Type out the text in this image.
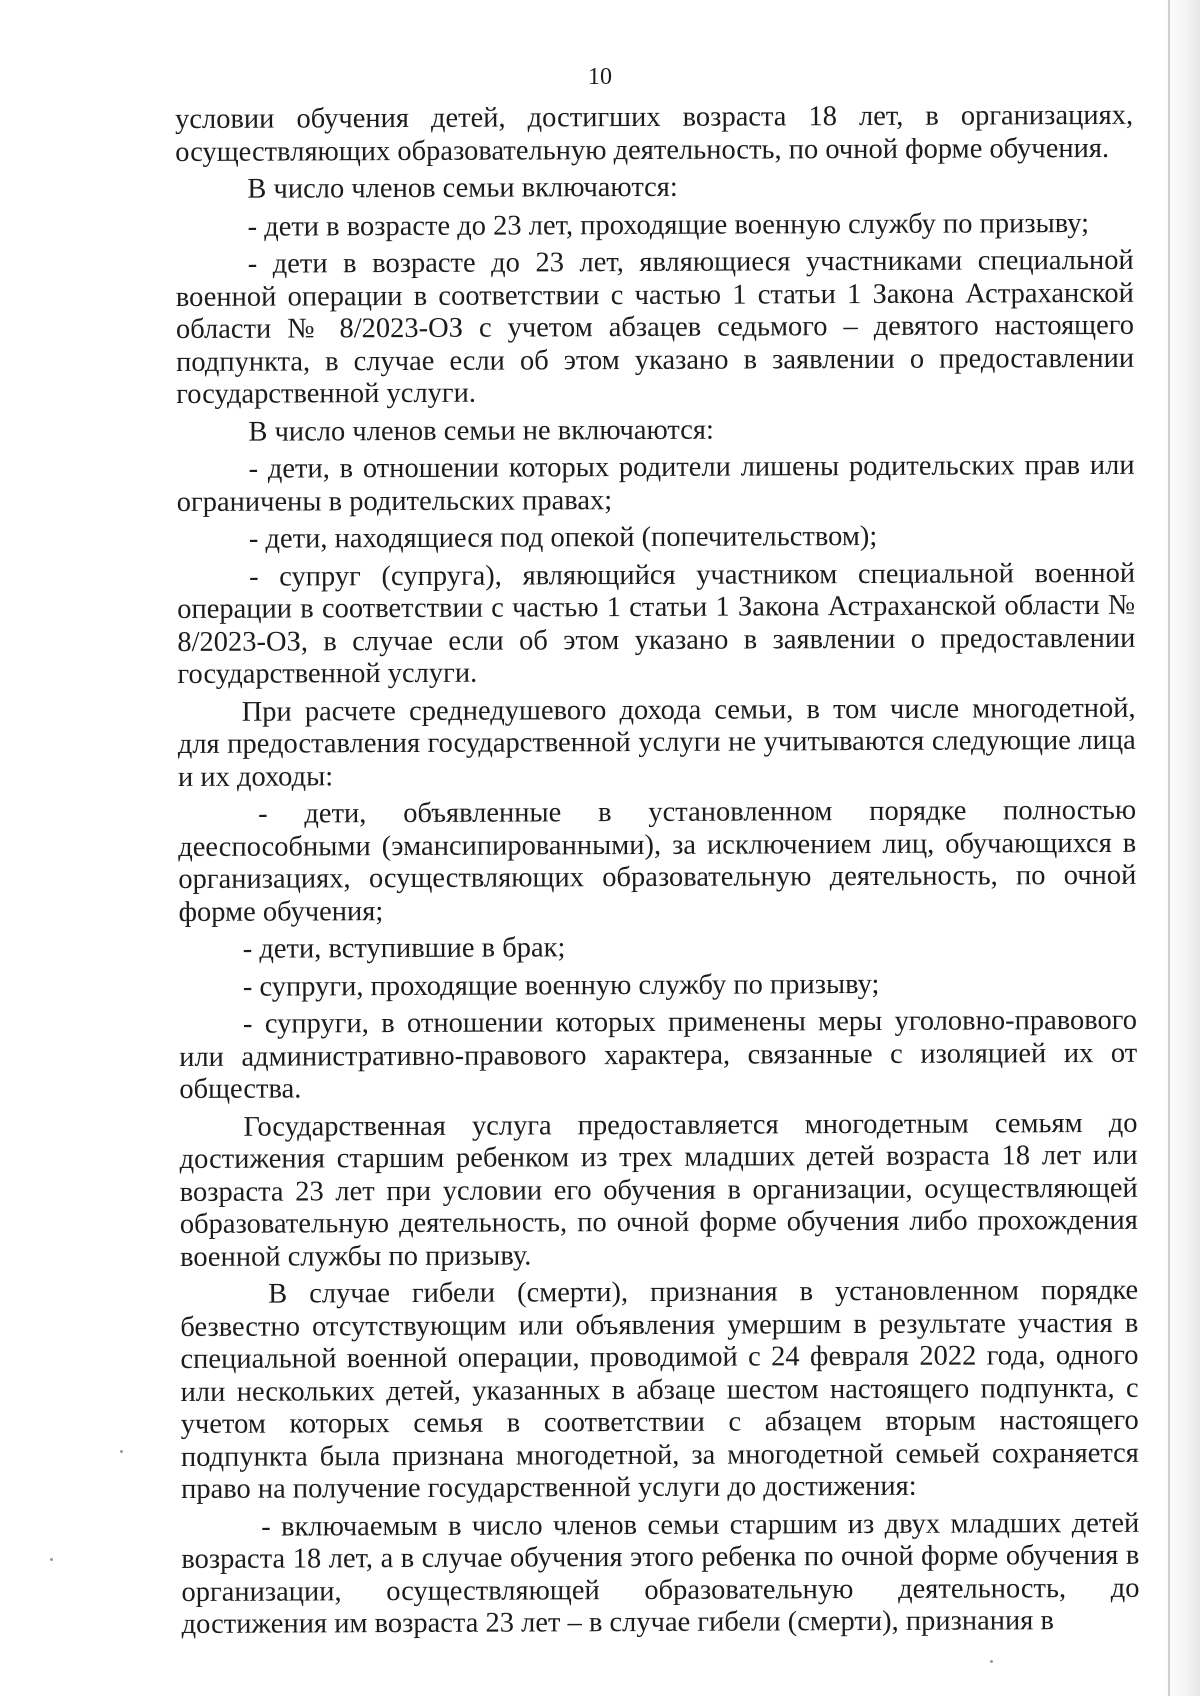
10

условии обучения детей, достигших возраста 18 лет, в организациях, осуществляющих образовательную деятельность, по очной форме обучения.

В число членов семьи включаются:

- дети в возрасте до 23 лет, проходящие военную службу по призыву;

- дети в возрасте до 23 лет, являющиеся участниками специальной военной операции в соответствии с частью 1 статьи 1 Закона Астраханской области № 8/2023-ОЗ с учетом абзацев седьмого – девятого настоящего подпункта, в случае если об этом указано в заявлении о предоставлении государственной услуги.

В число членов семьи не включаются:

- дети, в отношении которых родители лишены родительских прав или ограничены в родительских правах;

- дети, находящиеся под опекой (попечительством);

- супруг (супруга), являющийся участником специальной военной операции в соответствии с частью 1 статьи 1 Закона Астраханской области № 8/2023-ОЗ, в случае если об этом указано в заявлении о предоставлении государственной услуги.

При расчете среднедушевого дохода семьи, в том числе многодетной, для предоставления государственной услуги не учитываются следующие лица и их доходы:

- дети, объявленные в установленном порядке полностью дееспособными (эмансипированными), за исключением лиц, обучающихся в организациях, осуществляющих образовательную деятельность, по очной форме обучения;

- дети, вступившие в брак;

- супруги, проходящие военную службу по призыву;

- супруги, в отношении которых применены меры уголовно-правового или административно-правового характера, связанные с изоляцией их от общества.

Государственная услуга предоставляется многодетным семьям до достижения старшим ребенком из трех младших детей возраста 18 лет или возраста 23 лет при условии его обучения в организации, осуществляющей образовательную деятельность, по очной форме обучения либо прохождения военной службы по призыву.

В случае гибели (смерти), признания в установленном порядке безвестно отсутствующим или объявления умершим в результате участия в специальной военной операции, проводимой с 24 февраля 2022 года, одного или нескольких детей, указанных в абзаце шестом настоящего подпункта, с учетом которых семья в соответствии с абзацем вторым настоящего подпункта была признана многодетной, за многодетной семьей сохраняется право на получение государственной услуги до достижения:

- включаемым в число членов семьи старшим из двух младших детей возраста 18 лет, а в случае обучения этого ребенка по очной форме обучения в организации, осуществляющей образовательную деятельность, до достижения им возраста 23 лет – в случае гибели (смерти), признания в
